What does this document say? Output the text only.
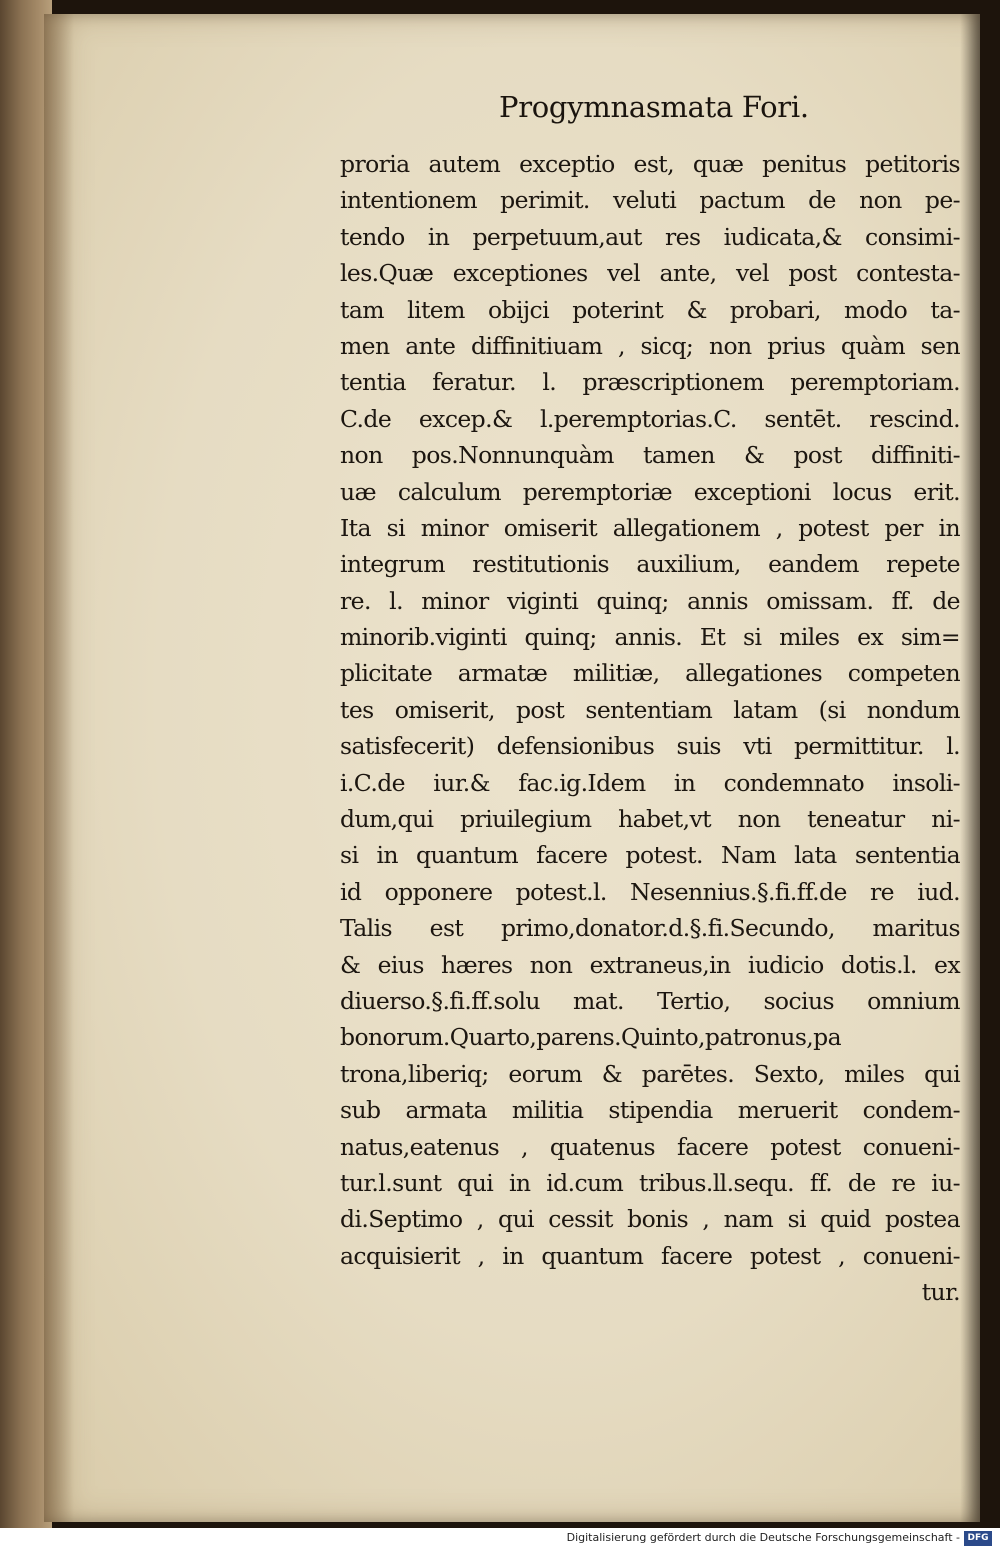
Progymnasmata Fori.
proria autem exceptio est, quæ penitus petitoris
intentionem perimit. veluti pactum de non pe-
tendo in perpetuum,aut res iudicata,& consimi-
les.Quæ exceptiones vel ante, vel post contesta-
tam litem obijci poterint & probari, modo ta-
men ante diffinitiuam , sicq; non prius quàm sen
tentia feratur. l. præscriptionem peremptoriam.
C.de excep.& l.peremptorias.C. sentēt. rescind.
non pos.Nonnunquàm tamen & post diffiniti-
uæ calculum peremptoriæ exceptioni locus erit.
Ita si minor omiserit allegationem , potest per in
integrum restitutionis auxilium, eandem repete
re. l. minor viginti quinq; annis omissam. ff. de
minorib.viginti quinq; annis. Et si miles ex sim=
plicitate armatæ militiæ, allegationes competen
tes omiserit, post sententiam latam (si nondum
satisfecerit) defensionibus suis vti permittitur. l.
i.C.de iur.& fac.ig.Idem in condemnato insoli-
dum,qui priuilegium habet,vt non teneatur ni-
si in quantum facere potest. Nam lata sententia
id opponere potest.l. Nesennius.§.fi.ff.de re iud.
Talis est primo,donator.d.§.fi.Secundo, maritus
& eius hæres non extraneus,in iudicio dotis.l. ex
diuerso.§.fi.ff.solu mat. Tertio, socius omnium
bonorum.Quarto,parens.Quinto,patronus,pa
trona,liberiq; eorum & parētes. Sexto, miles qui
sub armata militia stipendia meruerit condem-
natus,eatenus , quatenus facere potest conueni-
tur.l.sunt qui in id.cum tribus.ll.sequ. ff. de re iu-
di.Septimo , qui cessit bonis , nam si quid postea
acquisierit , in quantum facere potest , conueni-
tur.
Digitalisierung gefördert durch die Deutsche Forschungsgemeinschaft - DFG
